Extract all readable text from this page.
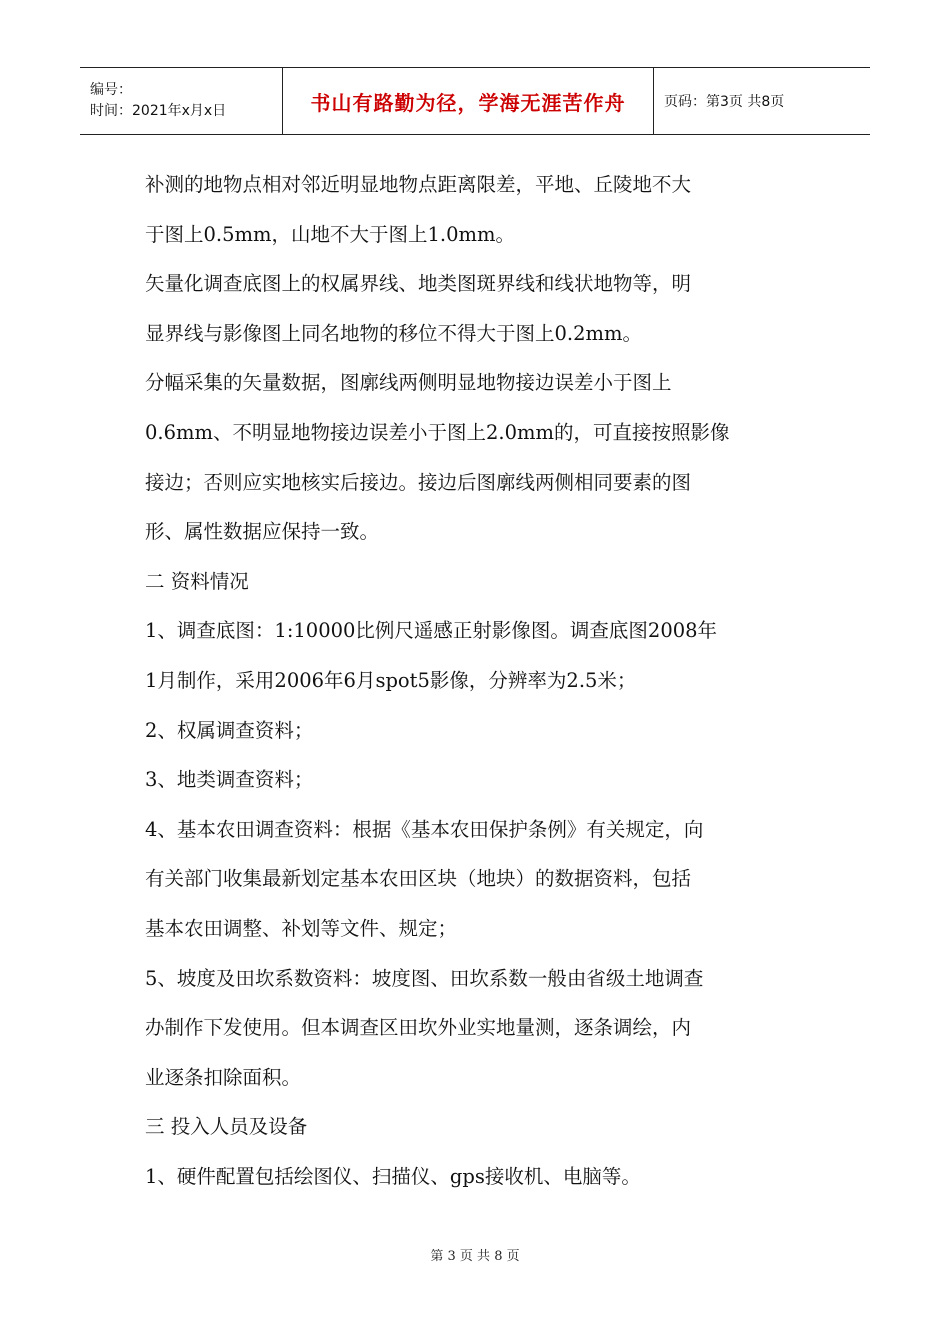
编号：
时间：2021年x月x日	书山有路勤为径，学海无涯苦作舟	页码：第3页 共8页
补测的地物点相对邻近明显地物点距离限差，平地、丘陵地不大
于图上0.5mm，山地不大于图上1.0mm。
矢量化调查底图上的权属界线、地类图斑界线和线状地物等，明
显界线与影像图上同名地物的移位不得大于图上0.2mm。
分幅采集的矢量数据，图廓线两侧明显地物接边误差小于图上
0.6mm、不明显地物接边误差小于图上2.0mm的，可直接按照影像
接边；否则应实地核实后接边。接边后图廓线两侧相同要素的图
形、属性数据应保持一致。
二 资料情况
1、调查底图：1:10000比例尺遥感正射影像图。调查底图2008年
1月制作，采用2006年6月spot5影像，分辨率为2.5米；
2、权属调查资料；
3、地类调查资料；
4、基本农田调查资料：根据《基本农田保护条例》有关规定，向
有关部门收集最新划定基本农田区块（地块）的数据资料，包括
基本农田调整、补划等文件、规定；
5、坡度及田坎系数资料：坡度图、田坎系数一般由省级土地调查
办制作下发使用。但本调查区田坎外业实地量测，逐条调绘，内
业逐条扣除面积。
三 投入人员及设备
1、硬件配置包括绘图仪、扫描仪、gps接收机、电脑等。
第 3 页 共 8 页
